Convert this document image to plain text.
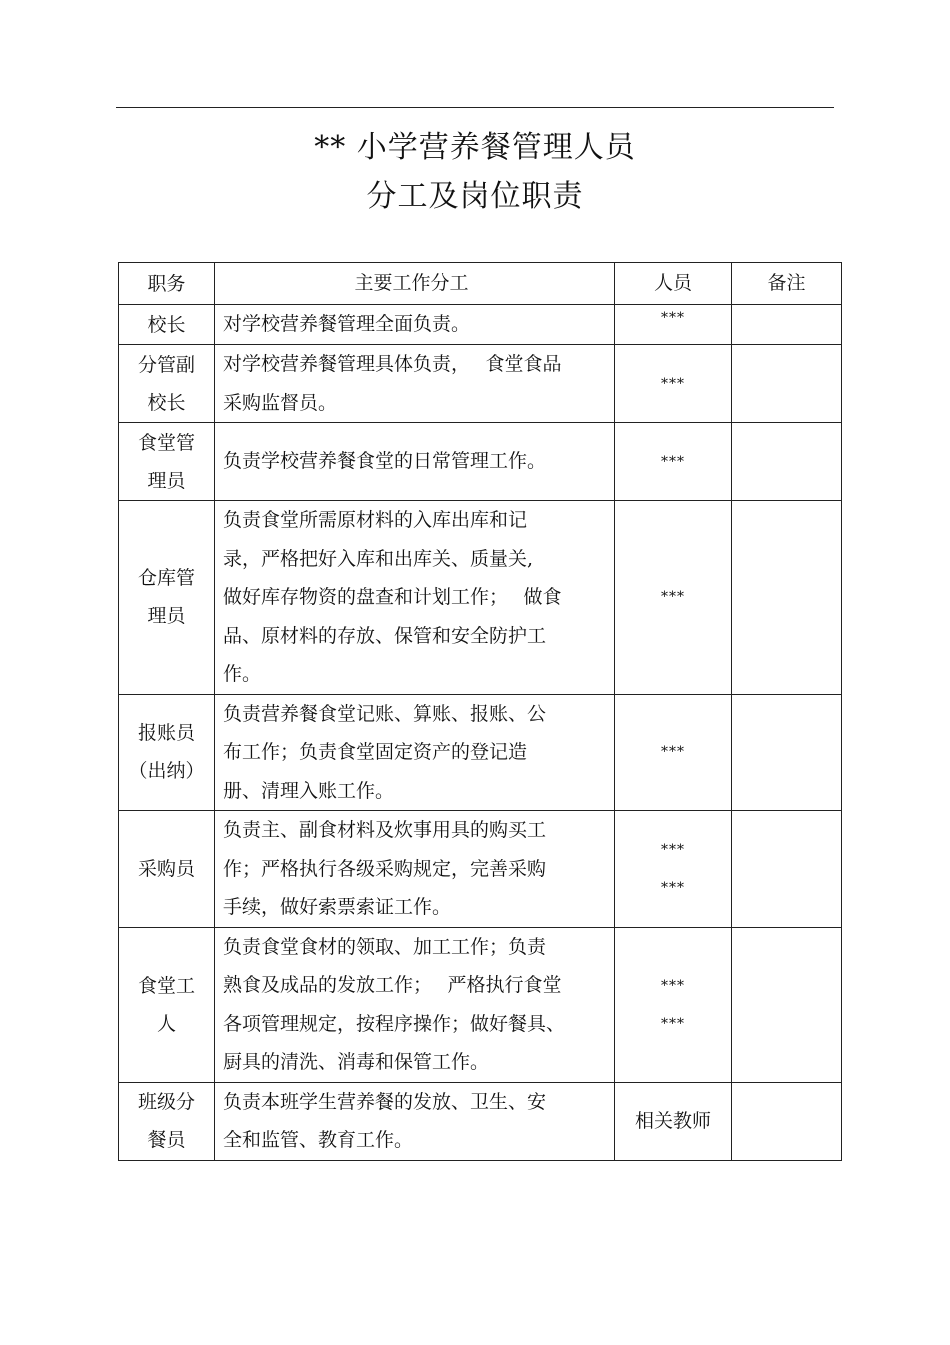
** 小学营养餐管理人员
分工及岗位职责
职务	主要工作分工	人员	备注

校长	对学校营养餐管理全面负责。	***	

分管副
校长	对学校营养餐管理具体负责，　 食堂食品
采购监督员。	***	

食堂管
理员	负责学校营养餐食堂的日常管理工作。	***	

仓库管
理员	负责食堂所需原材料的入库出库和记
录，严格把好入库和出库关、质量关,
做好库存物资的盘查和计划工作；　 做食
品、原材料的存放、保管和安全防护工
作。	***	

报账员
（出纳）	负责营养餐食堂记账、算账、报账、公
布工作；负责食堂固定资产的登记造
册、清理入账工作。	***	

采购员	负责主、副食材料及炊事用具的购买工
作；严格执行各级采购规定，完善采购
手续，做好索票索证工作。	***
***	

食堂工
人	负责食堂食材的领取、加工工作；负责
熟食及成品的发放工作；　 严格执行食堂
各项管理规定，按程序操作；做好餐具、
厨具的清洗、消毒和保管工作。	***
***	

班级分
餐员	负责本班学生营养餐的发放、卫生、安
全和监管、教育工作。	相关教师	
